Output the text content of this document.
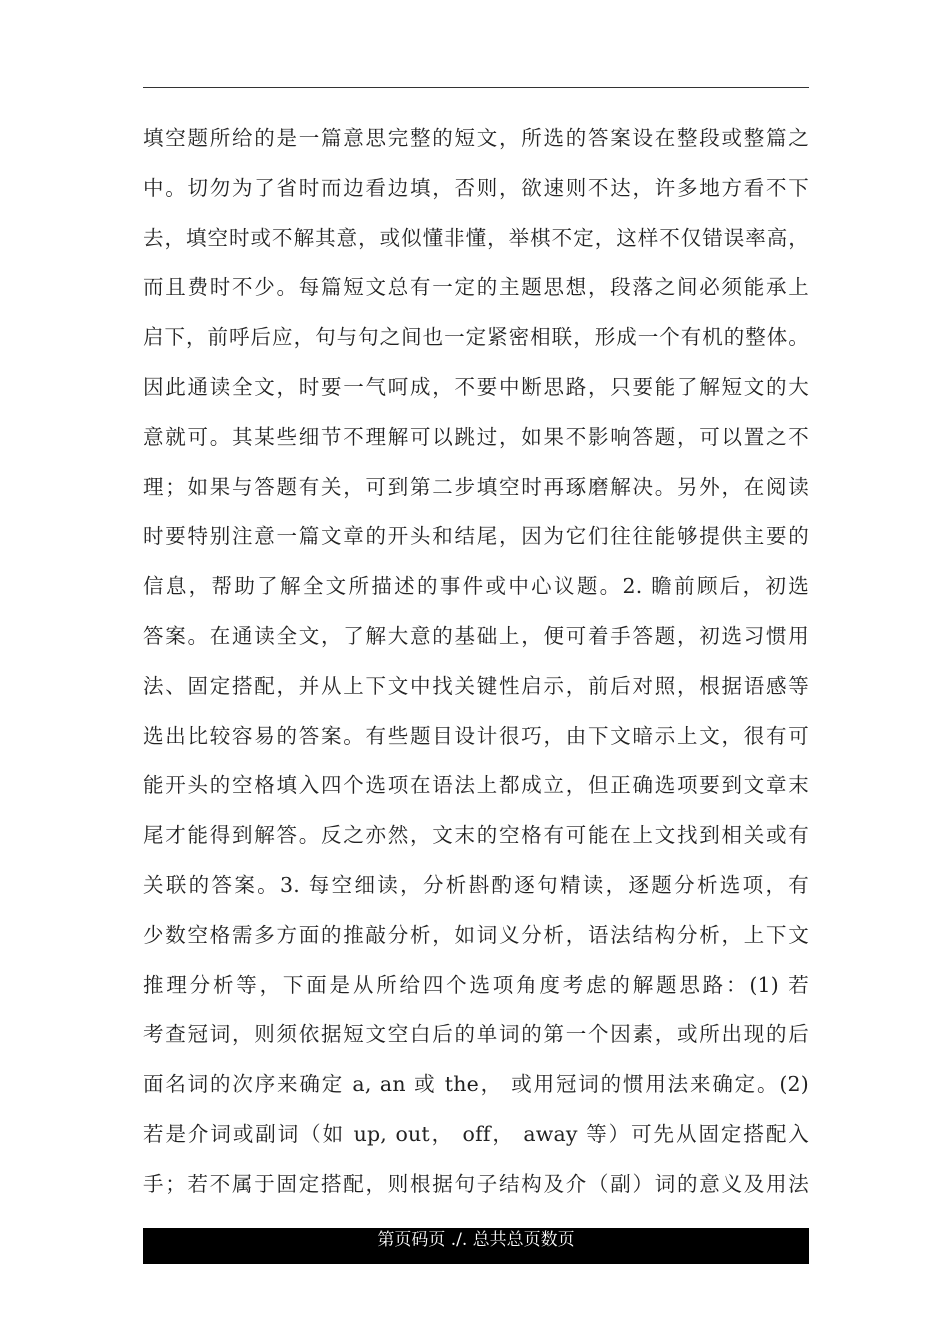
填空题所给的是一篇意思完整的短文，所选的答案设在整段或整篇之
中。切勿为了省时而边看边填，否则，欲速则不达，许多地方看不下
去，填空时或不解其意，或似懂非懂，举棋不定，这样不仅错误率高，
而且费时不少。每篇短文总有一定的主题思想，段落之间必须能承上
启下，前呼后应，句与句之间也一定紧密相联，形成一个有机的整体。
因此通读全文，时要一气呵成，不要中断思路，只要能了解短文的大
意就可。其某些细节不理解可以跳过，如果不影响答题，可以置之不
理；如果与答题有关，可到第二步填空时再琢磨解决。另外，在阅读
时要特别注意一篇文章的开头和结尾，因为它们往往能够提供主要的
信息，帮助了解全文所描述的事件或中心议题。2. 瞻前顾后，初选
答案。在通读全文，了解大意的基础上，便可着手答题，初选习惯用
法、固定搭配，并从上下文中找关键性启示，前后对照，根据语感等
选出比较容易的答案。有些题目设计很巧，由下文暗示上文，很有可
能开头的空格填入四个选项在语法上都成立，但正确选项要到文章末
尾才能得到解答。反之亦然，文末的空格有可能在上文找到相关或有
关联的答案。3. 每空细读，分析斟酌逐句精读，逐题分析选项，有
少数空格需多方面的推敲分析，如词义分析，语法结构分析，上下文
推理分析等，下面是从所给四个选项角度考虑的解题思路：(1) 若
考查冠词，则须依据短文空白后的单词的第一个因素，或所出现的后
面名词的次序来确定 a, an 或 the， 或用冠词的惯用法来确定。(2)
若是介词或副词（如 up, out， off， away 等）可先从固定搭配入
手；若不属于固定搭配，则根据句子结构及介（副）词的意义及用法
第页码页 ./. 总共总页数页
